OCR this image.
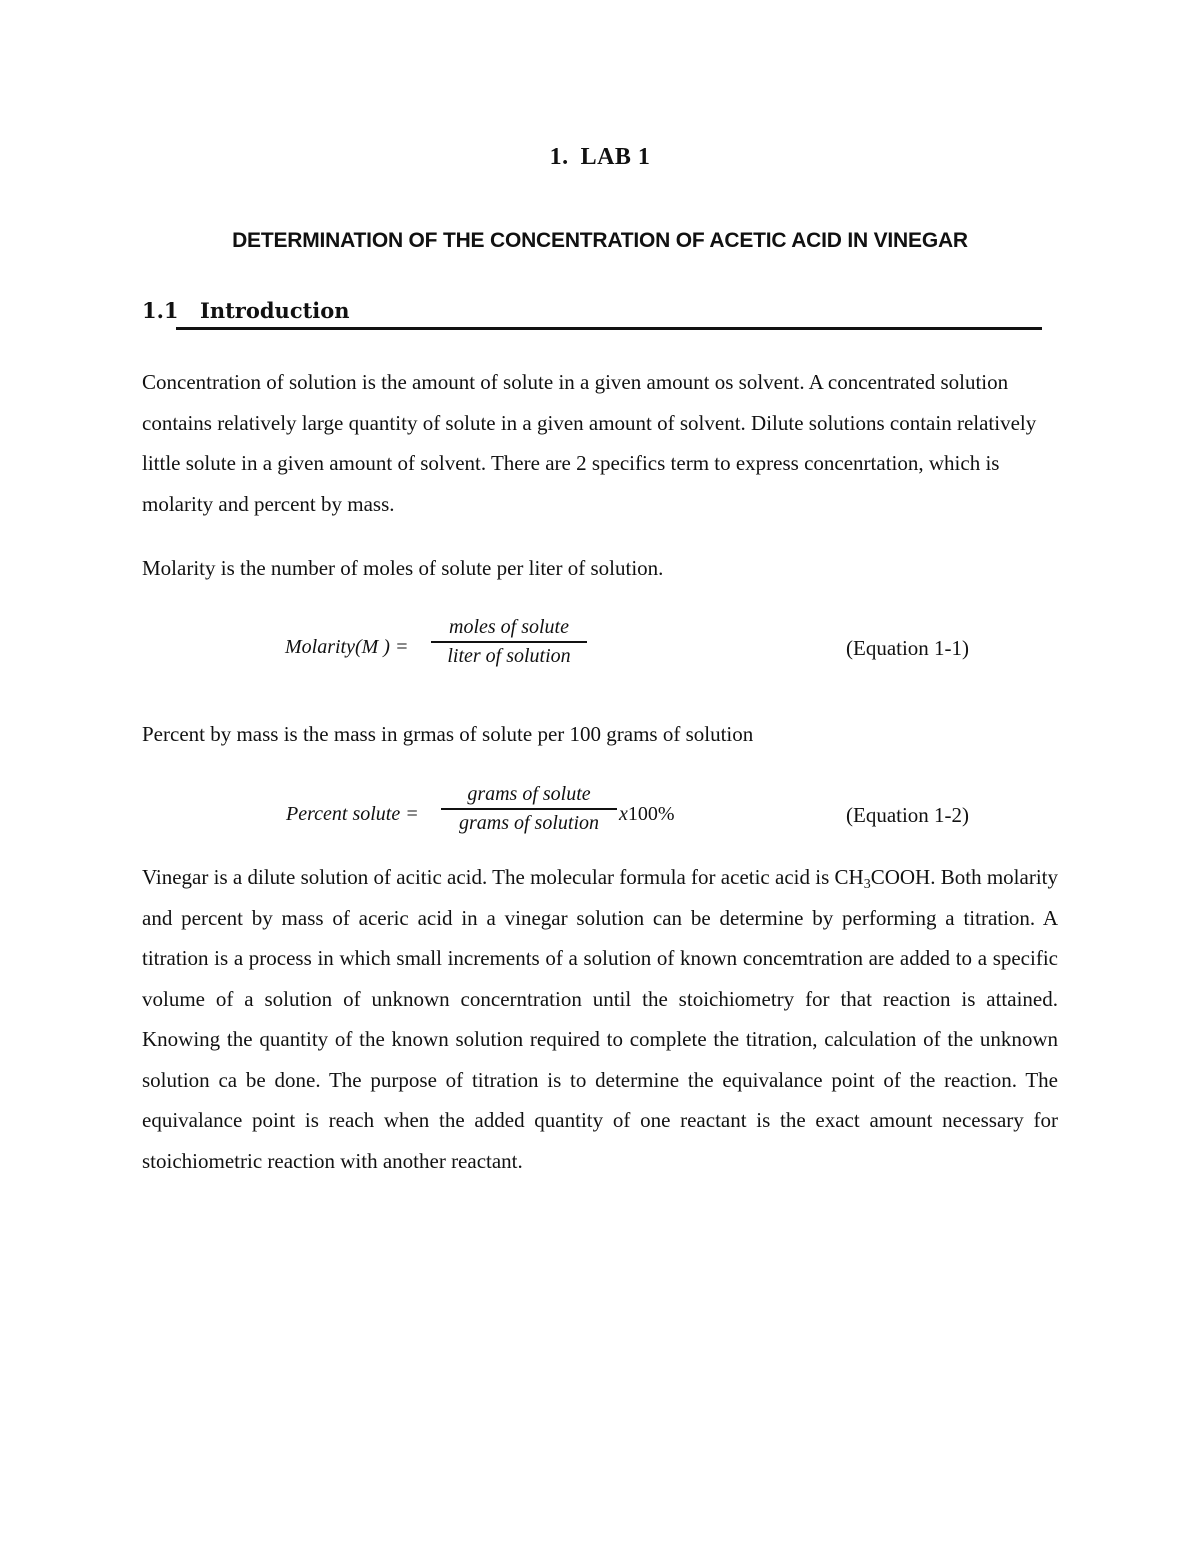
1. LAB 1
DETERMINATION OF THE CONCENTRATION OF ACETIC ACID IN VINEGAR
1.1 Introduction

Concentration of solution is the amount of solute in a given amount os solvent. A concentrated solution contains relatively large quantity of solute in a given amount of solvent. Dilute solutions contain relatively little solute in a given amount of solvent. There are 2 specifics term to express concenrtation, which is molarity and percent by mass.

Molarity is the number of moles of solute per liter of solution.

Molarity(M ) =
moles of solute
liter of solution	(Equation 1-1)

Percent by mass is the mass in grmas of solute per 100 grams of solution

Percent solute =
grams of solute
grams of solution x100%	(Equation 1-2)

Vinegar is a dilute solution of acitic acid. The molecular formula for acetic acid is $CH_3COOH$. Both molarity and percent by mass of aceric acid in a vinegar solution can be determine by performing a titration. A titration is a process in which small increments of a solution of known concemtration are added to a specific volume of a solution of unknown concerntration until the stoichiometry for that reaction is attained. Knowing the quantity of the known solution required to complete the titration, calculation of the unknown solution ca be done. The purpose of titration is to determine the equivalance point of the reaction. The equivalance point is reach when the added quantity of one reactant is the exact amount necessary for stoichiometric reaction with another reactant.
